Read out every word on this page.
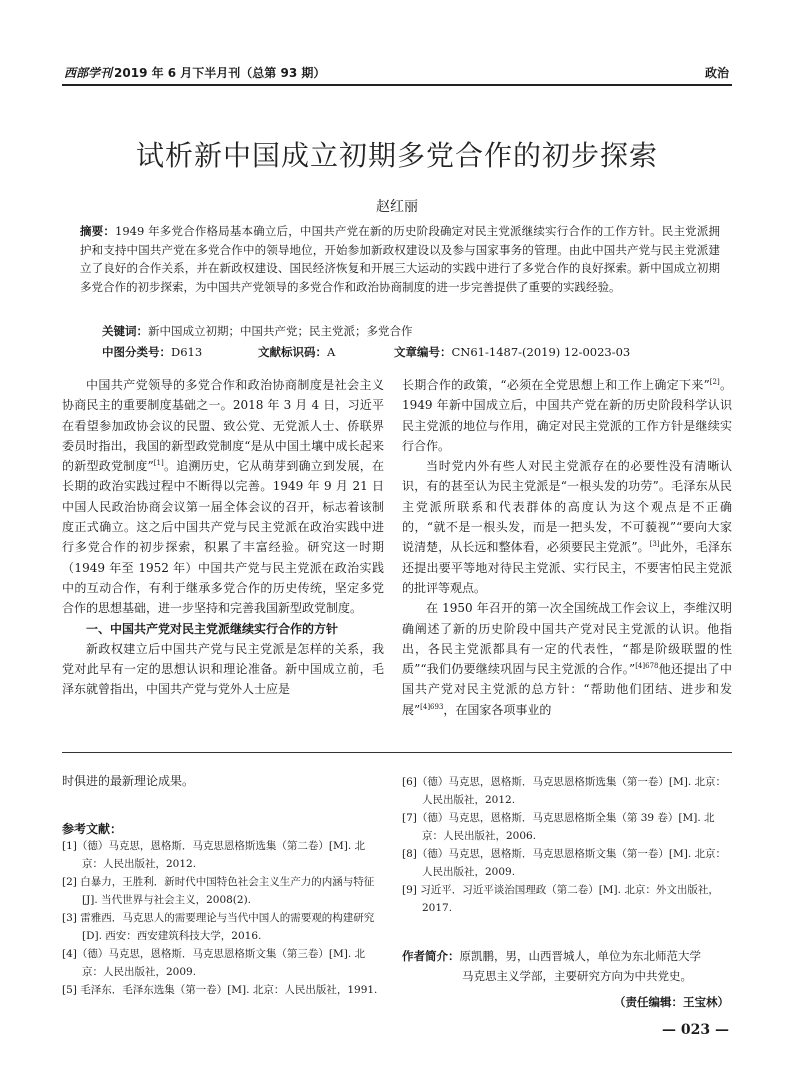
西部学刊 2019 年 6 月下半月刊（总第 93 期）	政治
试析新中国成立初期多党合作的初步探索
赵红丽
摘要：1949 年多党合作格局基本确立后，中国共产党在新的历史阶段确定对民主党派继续实行合作的工作方针。民主党派拥护和支持中国共产党在多党合作中的领导地位，开始参加新政权建设以及参与国家事务的管理。由此中国共产党与民主党派建立了良好的合作关系，并在新政权建设、国民经济恢复和开展三大运动的实践中进行了多党合作的良好探索。新中国成立初期多党合作的初步探索，为中国共产党领导的多党合作和政治协商制度的进一步完善提供了重要的实践经验。
关键词：新中国成立初期；中国共产党；民主党派；多党合作
中图分类号：D613	文献标识码：A	文章编号：CN61-1487-(2019) 12-0023-03

中国共产党领导的多党合作和政治协商制度是社会主义协商民主的重要制度基础之一。2018 年 3 月 4 日，习近平在看望参加政协会议的民盟、致公党、无党派人士、侨联界委员时指出，我国的新型政党制度“是从中国土壤中成长起来的新型政党制度”[1]。追溯历史，它从萌芽到确立到发展，在长期的政治实践过程中不断得以完善。1949 年 9 月 21 日中国人民政治协商会议第一届全体会议的召开，标志着该制度正式确立。这之后中国共产党与民主党派在政治实践中进行多党合作的初步探索，积累了丰富经验。研究这一时期（1949 年至 1952 年）中国共产党与民主党派在政治实践中的互动合作，有利于继承多党合作的历史传统，坚定多党合作的思想基础，进一步坚持和完善我国新型政党制度。

一、中国共产党对民主党派继续实行合作的方针

新政权建立后中国共产党与民主党派是怎样的关系，我党对此早有一定的思想认识和理论准备。新中国成立前，毛泽东就曾指出，中国共产党与党外人士应是

长期合作的政策，“必须在全党思想上和工作上确定下来”[2]。1949 年新中国成立后，中国共产党在新的历史阶段科学认识民主党派的地位与作用，确定对民主党派的工作方针是继续实行合作。

当时党内外有些人对民主党派存在的必要性没有清晰认识，有的甚至认为民主党派是“一根头发的功劳”。毛泽东从民主党派所联系和代表群体的高度认为这个观点是不正确的，“就不是一根头发，而是一把头发，不可藐视”“要向大家说清楚，从长远和整体看，必须要民主党派”。[3]此外，毛泽东还提出要平等地对待民主党派、实行民主，不要害怕民主党派的批评等观点。

在 1950 年召开的第一次全国统战工作会议上，李维汉明确阐述了新的历史阶段中国共产党对民主党派的认识。他指出，各民主党派都具有一定的代表性，“都是阶级联盟的性质”“我们仍要继续巩固与民主党派的合作。”$^{[4]678}$他还提出了中国共产党对民主党派的总方针：“帮助他们团结、进步和发展”$^{[4]693}$，在国家各项事业的

时俱进的最新理论成果。
参考文献：

[1]（德）马克思，恩格斯．马克思恩格斯选集（第二卷）[M]. 北京：人民出版社，2012.

[2] 白暴力，王胜利．新时代中国特色社会主义生产力的内涵与特征 [J]. 当代世界与社会主义，2008(2).

[3] 雷雅西．马克思人的需要理论与当代中国人的需要观的构建研究 [D]. 西安：西安建筑科技大学，2016.

[4]（德）马克思，恩格斯．马克思恩格斯文集（第三卷）[M]. 北京：人民出版社，2009.

[5] 毛泽东．毛泽东选集（第一卷）[M]. 北京：人民出版社，1991.

[6]（德）马克思，恩格斯．马克思恩格斯选集（第一卷）[M]. 北京：人民出版社，2012.

[7]（德）马克思，恩格斯．马克思恩格斯全集（第 39 卷）[M]. 北京：人民出版社，2006.

[8]（德）马克思，恩格斯．马克思恩格斯文集（第一卷）[M]. 北京：人民出版社，2009.

[9] 习近平．习近平谈治国理政（第二卷）[M]. 北京：外文出版社，2017.

作者简介：原凯鹏，男，山西晋城人，单位为东北师范大学
马克思主义学部，主要研究方向为中共党史。
（责任编辑：王宝林）
— 023 —
